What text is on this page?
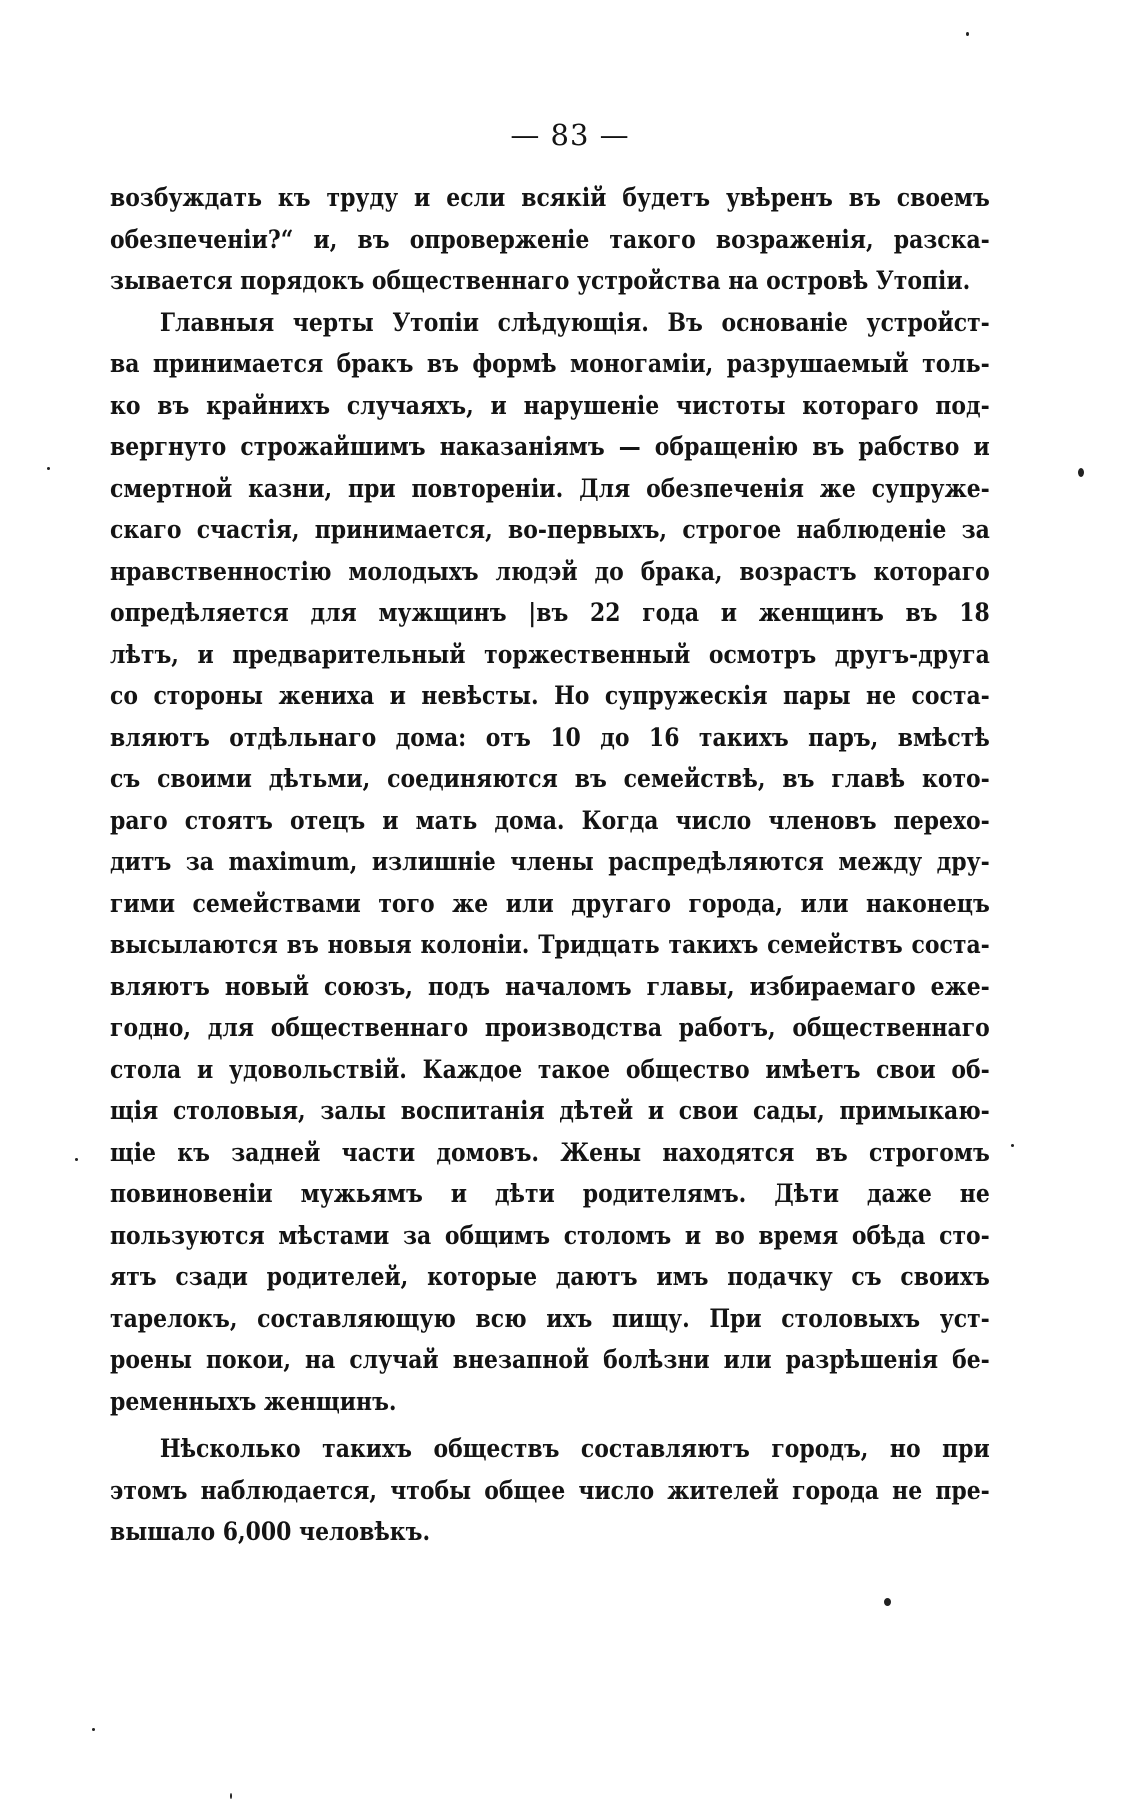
— 83 —
возбуждать къ труду и если всякій будетъ увѣренъ въ своемъ
обезпеченіи?“ и, въ опроверженіе такого возраженія, разска-
зывается порядокъ общественнаго устройства на островѣ Утопіи.
Главныя черты Утопіи слѣдующія. Въ основаніе устройст-
ва принимается бракъ въ формѣ моногаміи, разрушаемый толь-
ко въ крайнихъ случаяхъ, и нарушеніе чистоты котораго под-
вергнуто строжайшимъ наказаніямъ — обращенію въ рабство и
смертной казни, при повтореніи. Для обезпеченія же супруже-
скаго счастія, принимается, во-первыхъ, строгое наблюденіе за
нравственностію молодыхъ людэй до брака, возрастъ котораго
опредѣляется для мужщинъ |въ 22 года и женщинъ въ 18
лѣтъ, и предварительный торжественный осмотръ другъ-друга
со стороны жениха и невѣсты. Но супружескія пары не соста-
вляютъ отдѣльнаго дома: отъ 10 до 16 такихъ паръ, вмѣстѣ
съ своими дѣтьми, соединяются въ семействѣ, въ главѣ кото-
раго стоятъ отецъ и мать дома. Когда число членовъ перехо-
дитъ за maximum, излишніе члены распредѣляются между дру-
гими семействами того же или другаго города, или наконецъ
высылаются въ новыя колоніи. Тридцать такихъ семействъ соста-
вляютъ новый союзъ, подъ началомъ главы, избираемаго еже-
годно, для общественнаго производства работъ, общественнаго
стола и удовольствій. Каждое такое общество имѣетъ свои об-
щія столовыя, залы воспитанія дѣтей и свои сады, примыкаю-
щіе къ задней части домовъ. Жены находятся въ строгомъ
повиновеніи мужьямъ и дѣти родителямъ. Дѣти даже не
пользуются мѣстами за общимъ столомъ и во время обѣда сто-
ятъ сзади родителей, которые даютъ имъ подачку съ своихъ
тарелокъ, составляющую всю ихъ пищу. При столовыхъ уст-
роены покои, на случай внезапной болѣзни или разрѣшенія бе-
ременныхъ женщинъ.
Нѣсколько такихъ обществъ составляютъ городъ, но при
этомъ наблюдается, чтобы общее число жителей города не пре-
вышало 6,000 человѣкъ.
